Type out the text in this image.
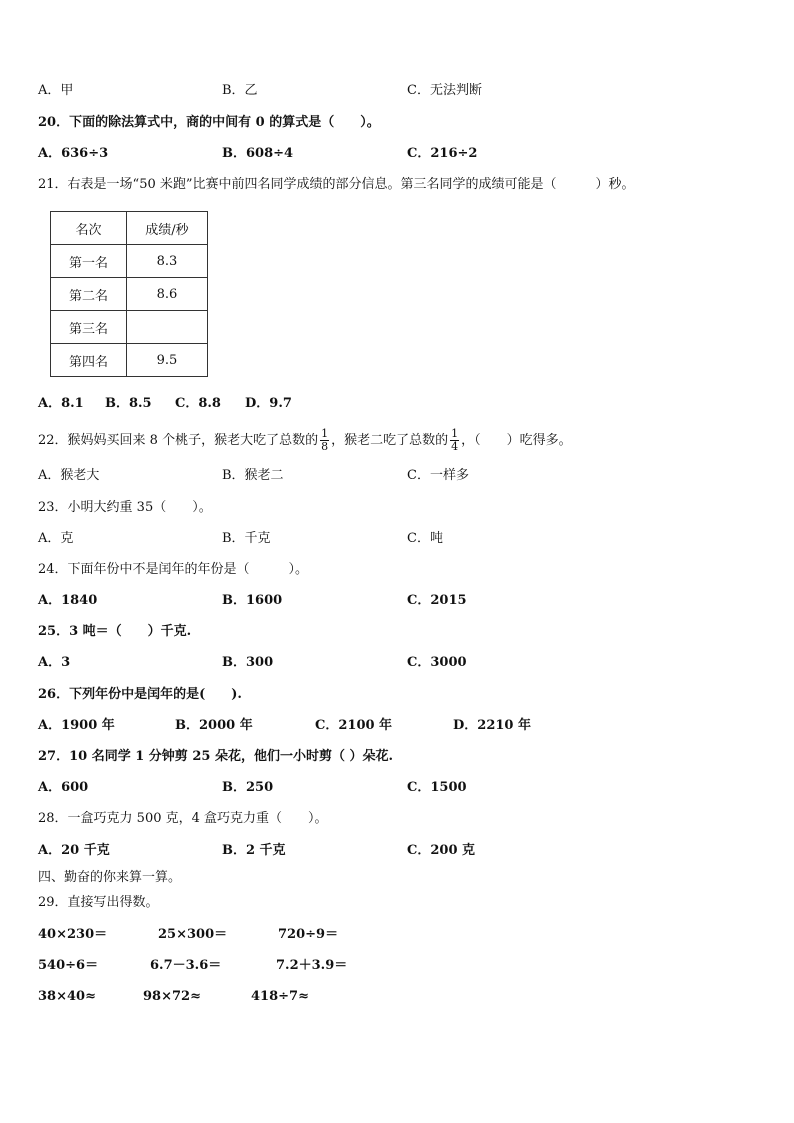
A．甲	B．乙	C．无法判断
20．下面的除法算式中，商的中间有 0 的算式是（　　）。
A．636÷3	B．608÷4	C．216÷2
21．右表是一场“50 米跑”比赛中前四名同学成绩的部分信息。第三名同学的成绩可能是（　　　）秒。
名次	成绩/秒
第一名	8.3
第二名	8.6
第三名	
第四名	9.5
A．8.1 B．8.5 C．8.8 D．9.7
22．猴妈妈买回来 8 个桃子，猴老大吃了总数的 $\frac{1}{8}$ ，猴老二吃了总数的 $\frac{1}{4}$ ，（　　）吃得多。
A．猴老大	B．猴老二	C．一样多
23．小明大约重 35（　　）。
A．克	B．千克	C．吨
24．下面年份中不是闰年的年份是（　　　）。
A．1840	B．1600	C．2015
25．3 吨＝（　　）千克.
A．3	B．300	C．3000
26．下列年份中是闰年的是(　　).
A．1900 年	B．2000 年	C．2100 年	D．2210 年
27．10 名同学 1 分钟剪 25 朵花，他们一小时剪（ ）朵花.
A．600	B．250	C．1500
28．一盒巧克力 500 克，4 盒巧克力重（　　）。
A．20 千克	B．2 千克	C．200 克
四、勤奋的你来算一算。
29．直接写出得数。
40×230＝	25×300＝	720÷9＝
540÷6＝	6.7－3.6＝	7.2＋3.9＝
38×40≈	98×72≈	418÷7≈
